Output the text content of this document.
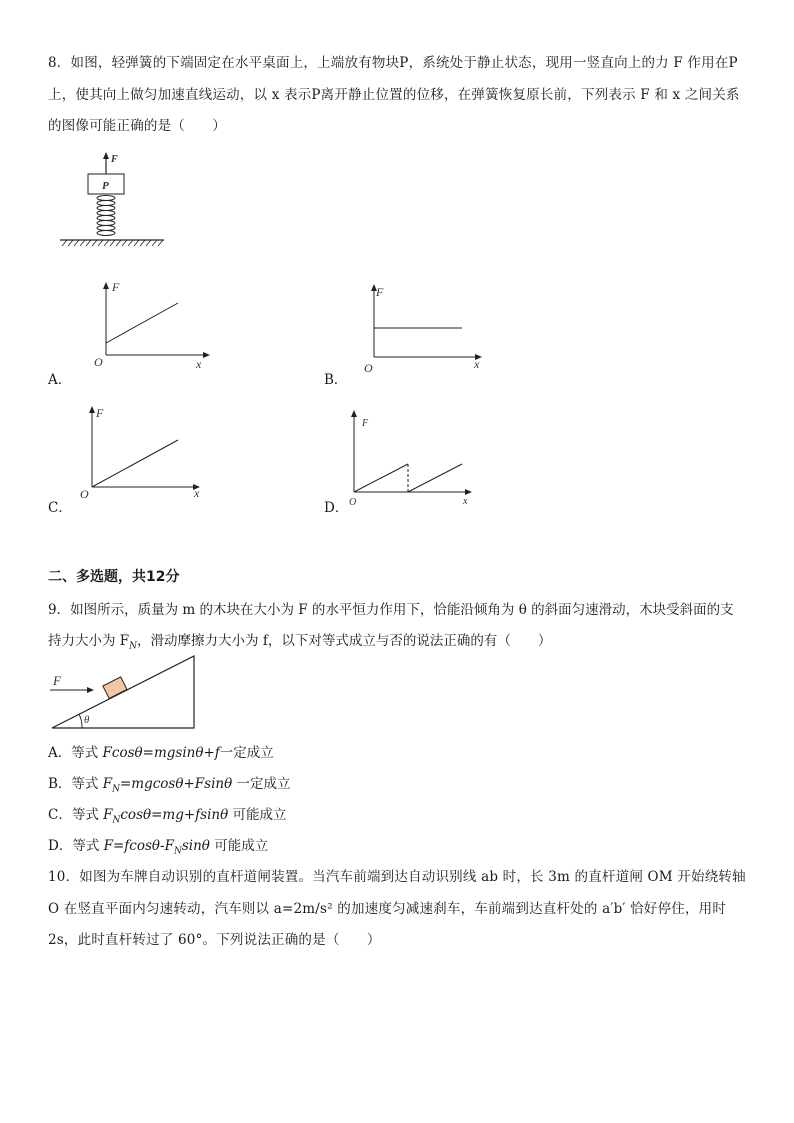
8．如图，轻弹簧的下端固定在水平桌面上，上端放有物块P，系统处于静止状态，现用一竖直向上的力 F 作用在P上，使其向上做匀加速直线运动，以 x 表示P离开静止位置的位移，在弹簧恢复原长前，下列表示 F 和 x 之间关系的图像可能正确的是（　　）

F
P
A．
F
x
O
B．
F
x
O
C．
F
x
O
D．
F
x
O

二、多选题，共12分

9．如图所示，质量为 m 的木块在大小为 F 的水平恒力作用下，恰能沿倾角为 θ 的斜面匀速滑动，木块受斜面的支

持力大小为 $F_N$，滑动摩擦力大小为 f，以下对等式成立与否的说法正确的有（　　）

F
θ

A．等式 Fcosθ=mgsinθ+f一定成立

B．等式 $F_N=mgcos\theta+Fsin\theta$ 一定成立

C．等式 $F_N\cos\theta=mg+fsin\theta$ 可能成立

D．等式 $F=fcos\theta-F_N\sin\theta$ 可能成立

10．如图为车牌自动识别的直杆道闸装置。当汽车前端到达自动识别线 ab 时，长 3m 的直杆道闸 OM 开始绕转轴 O 在竖直平面内匀速转动，汽车则以 a=2m/s² 的加速度匀减速刹车，车前端到达直杆处的 a′b′ 恰好停住，用时 2s，此时直杆转过了 60°。下列说法正确的是（　　）
